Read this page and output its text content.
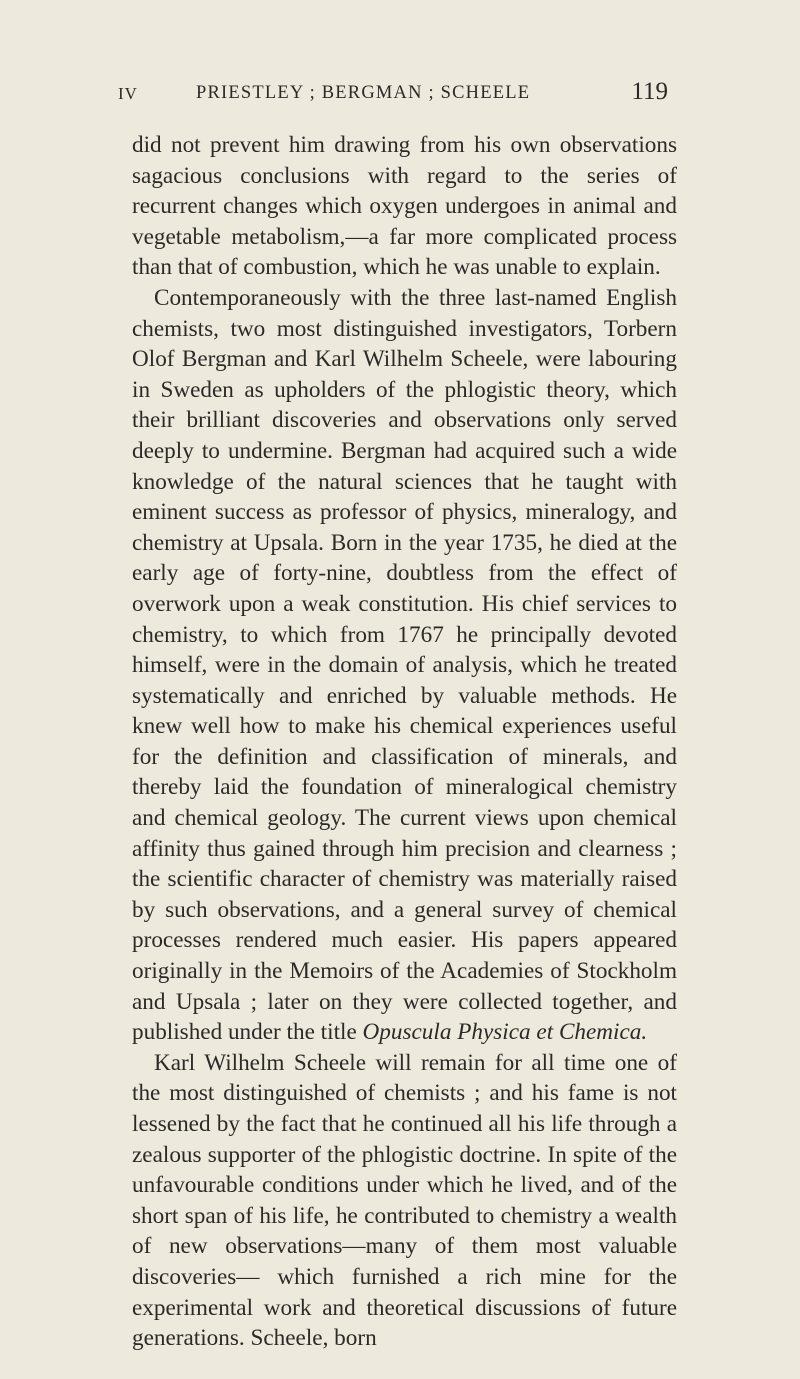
IV	PRIESTLEY ; BERGMAN ; SCHEELE	119

did not prevent him drawing from his own observations sagacious conclusions with regard to the series of recurrent changes which oxygen undergoes in animal and vegetable metabolism,—a far more complicated process than that of combustion, which he was unable to explain.

Contemporaneously with the three last-named English chemists, two most distinguished investigators, Torbern Olof Bergman and Karl Wilhelm Scheele, were labouring in Sweden as upholders of the phlogistic theory, which their brilliant discoveries and observations only served deeply to undermine. Bergman had acquired such a wide knowledge of the natural sciences that he taught with eminent success as professor of physics, mineralogy, and chemistry at Upsala. Born in the year 1735, he died at the early age of forty-nine, doubtless from the effect of overwork upon a weak constitution. His chief services to chemistry, to which from 1767 he principally devoted himself, were in the domain of analysis, which he treated systematically and enriched by valuable methods. He knew well how to make his chemical experiences useful for the definition and classification of minerals, and thereby laid the foundation of mineralogical chemistry and chemical geology. The current views upon chemical affinity thus gained through him precision and clearness ; the scientific character of chemistry was materially raised by such observations, and a general survey of chemical processes rendered much easier. His papers appeared originally in the Memoirs of the Academies of Stockholm and Upsala ; later on they were collected together, and published under the title Opuscula Physica et Chemica.

Karl Wilhelm Scheele will remain for all time one of the most distinguished of chemists ; and his fame is not lessened by the fact that he continued all his life through a zealous supporter of the phlogistic doctrine. In spite of the unfavourable conditions under which he lived, and of the short span of his life, he contributed to chemistry a wealth of new observations—many of them most valuable discoveries— which furnished a rich mine for the experimental work and theoretical discussions of future generations. Scheele, born
